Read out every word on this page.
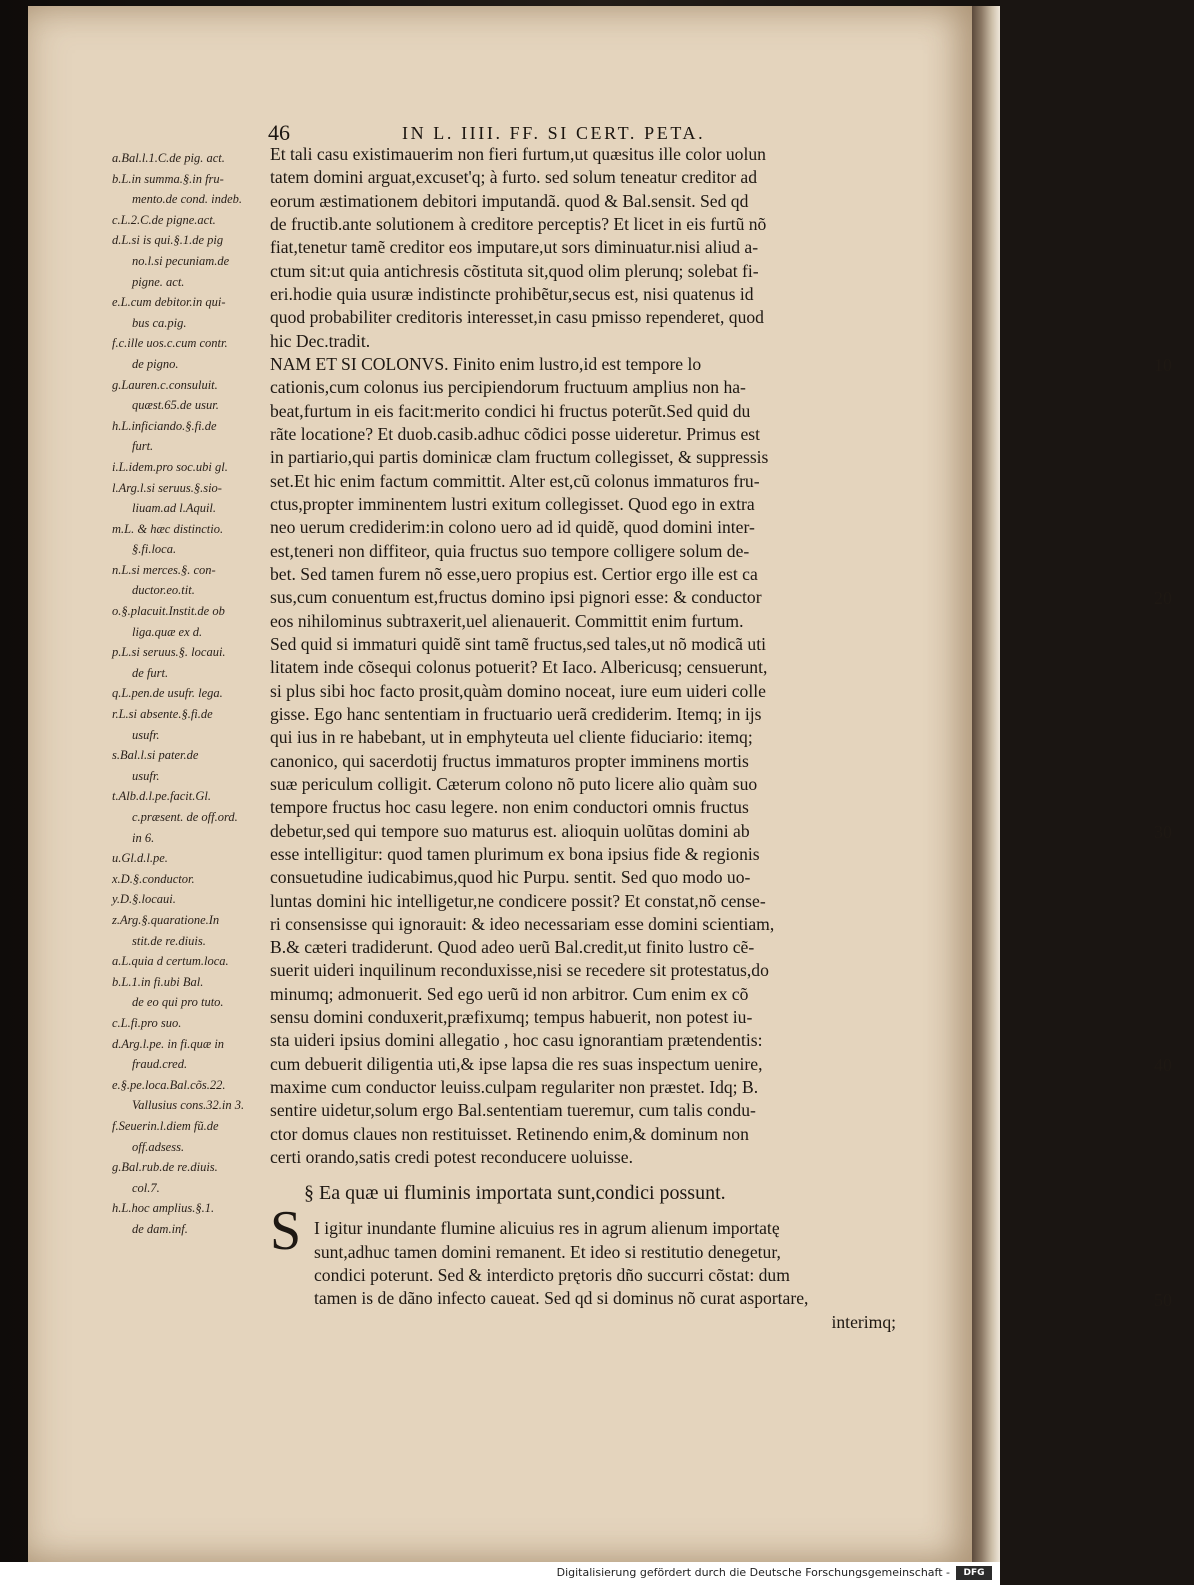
46	IN L. IIII. FF. SI CERT. PETA.
a.Bal.l.1.C.de pig. act.
b.L.in summa.§.in fru-
mento.de cond. indeb.
c.L.2.C.de pigne.act.
d.L.si is qui.§.1.de pig
no.l.si pecuniam.de
pigne. act.
e.L.cum debitor.in qui-
bus ca.pig.
f.c.ille uos.c.cum contr.
de pigno.
g.Lauren.c.consuluit.
quæst.65.de usur.
h.L.inficiando.§.fi.de
furt.
i.L.idem.pro soc.ubi gl.
l.Arg.l.si seruus.§.sio-
liuam.ad l.Aquil.
m.L. & hæc distinctio.
§.fi.loca.
n.L.si merces.§. con-
ductor.eo.tit.
o.§.placuit.Instit.de ob
liga.quæ ex d.
p.L.si seruus.§. locaui.
de furt.
q.L.pen.de usufr. lega.
r.L.si absente.§.fi.de
usufr.
s.Bal.l.si pater.de
usufr.
t.Alb.d.l.pe.facit.Gl.
c.præsent. de off.ord.
in 6.
u.Gl.d.l.pe.
x.D.§.conductor.
y.D.§.locaui.
z.Arg.§.quaratione.In
stit.de re.diuis.
a.L.quia d certum.loca.
b.L.1.in fi.ubi Bal.
de eo qui pro tuto.
c.L.fi.pro suo.
d.Arg.l.pe. in fi.quæ in
fraud.cred.
e.§.pe.loca.Bal.cõs.22.
Vallusius cons.32.in 3.
f.Seuerin.l.diem fũ.de
off.adsess.
g.Bal.rub.de re.diuis.
col.7.
h.L.hoc amplius.§.1.
de dam.inf.
Et tali casu existimauerim non fieri furtum,ut quæsitus ille color uolun
tatem domini arguat,excuset'q; à furto. sed solum teneatur creditor ad
eorum æstimationem debitori imputandã. quod & Bal.sensit. Sed qd
de fructib.ante solutionem à creditore perceptis? Et licet in eis furtũ nõ
fiat,tenetur tamẽ creditor eos imputare,ut sors diminuatur.nisi aliud a-
ctum sit:ut quia antichresis cõstituta sit,quod olim plerunq; solebat fi-
eri.hodie quia usuræ indistincte prohibẽtur,secus est, nisi quatenus id
quod probabiliter creditoris interesset,in casu pmisso rependeret, quod
hic Dec.tradit.
NAM ET SI COLONVS. Finito enim lustro,id est tempore lo
cationis,cum colonus ius percipiendorum fructuum amplius non ha-
beat,furtum in eis facit:merito condici hi fructus poterũt.Sed quid du
rãte locatione? Et duob.casib.adhuc cõdici posse uideretur. Primus est
in partiario,qui partis dominicæ clam fructum collegisset, & suppressis
set.Et hic enim factum committit. Alter est,cũ colonus immaturos fru-
ctus,propter imminentem lustri exitum collegisset. Quod ego in extra
neo uerum crediderim:in colono uero ad id quidẽ, quod domini inter-
est,teneri non diffiteor, quia fructus suo tempore colligere solum de-
bet. Sed tamen furem nõ esse,uero propius est. Certior ergo ille est ca
sus,cum conuentum est,fructus domino ipsi pignori esse: & conductor
eos nihilominus subtraxerit,uel alienauerit. Committit enim furtum.
Sed quid si immaturi quidẽ sint tamẽ fructus,sed tales,ut nõ modicã uti
litatem inde cõsequi colonus potuerit? Et Iaco. Albericusq; censuerunt,
si plus sibi hoc facto prosit,quàm domino noceat, iure eum uideri colle
gisse. Ego hanc sententiam in fructuario uerã crediderim. Itemq; in ijs
qui ius in re habebant, ut in emphyteuta uel cliente fiduciario: itemq;
canonico, qui sacerdotij fructus immaturos propter imminens mortis
suæ periculum colligit. Cæterum colono nõ puto licere alio quàm suo
tempore fructus hoc casu legere. non enim conductori omnis fructus
debetur,sed qui tempore suo maturus est. alioquin uolũtas domini ab
esse intelligitur: quod tamen plurimum ex bona ipsius fide & regionis
consuetudine iudicabimus,quod hic Purpu. sentit. Sed quo modo uo-
luntas domini hic intelligetur,ne condicere possit? Et constat,nõ cense-
ri consensisse qui ignorauit: & ideo necessariam esse domini scientiam,
B.& cæteri tradiderunt. Quod adeo uerũ Bal.credit,ut finito lustro cẽ-
suerit uideri inquilinum reconduxisse,nisi se recedere sit protestatus,do
minumq; admonuerit. Sed ego uerũ id non arbitror. Cum enim ex cõ
sensu domini conduxerit,præfixumq; tempus habuerit, non potest iu-
sta uideri ipsius domini allegatio , hoc casu ignorantiam prætendentis:
cum debuerit diligentia uti,& ipse lapsa die res suas inspectum uenire,
maxime cum conductor leuiss.culpam regulariter non præstet. Idq; B.
sentire uidetur,solum ergo Bal.sententiam tueremur, cum talis condu-
ctor domus claues non restituisset. Retinendo enim,& dominum non
certi orando,satis credi potest reconducere uoluisse.
§ Ea quæ ui fluminis importata sunt,condici possunt.
I igitur inundante flumine alicuius res in agrum alienum importatę
sunt,adhuc tamen domini remanent. Et ideo si restitutio denegetur,
condici poterunt. Sed & interdicto prętoris dño succurri cõstat: dum
tamen is de dãno infecto caueat. Sed qd si dominus nõ curat asportare,
interimq;
10
20
30
40
50
S
Digitalisierung gefördert durch die Deutsche Forschungsgemeinschaft -	DFG
